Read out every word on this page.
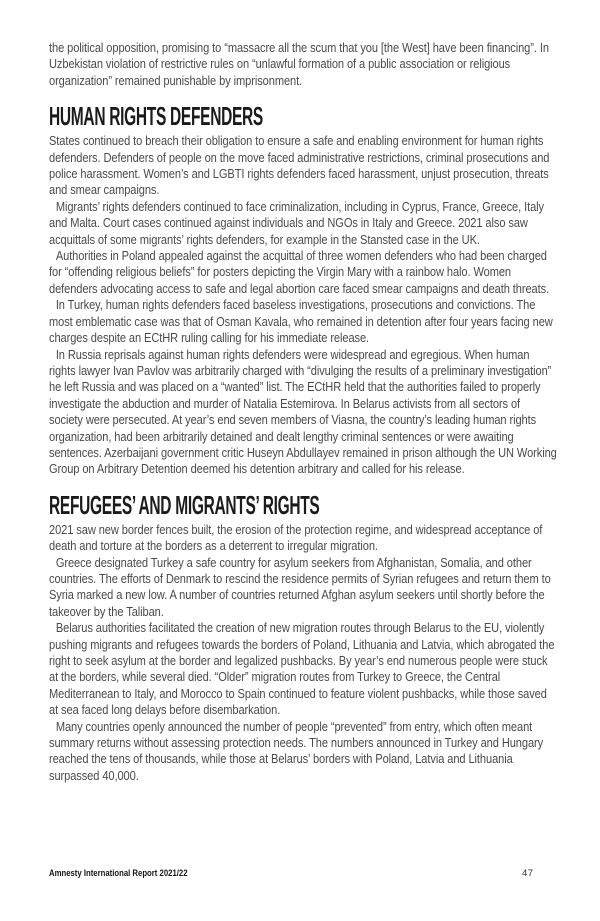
the political opposition, promising to “massacre all the scum that you [the West] have been financing”. In Uzbekistan violation of restrictive rules on “unlawful formation of a public association or religious organization” remained punishable by imprisonment.

HUMAN RIGHTS DEFENDERS

States continued to breach their obligation to ensure a safe and enabling environment for human rights defenders. Defenders of people on the move faced administrative restrictions, criminal prosecutions and police harassment. Women’s and LGBTI rights defenders faced harassment, unjust prosecution, threats and smear campaigns.

Migrants’ rights defenders continued to face criminalization, including in Cyprus, France, Greece, Italy and Malta. Court cases continued against individuals and NGOs in Italy and Greece. 2021 also saw acquittals of some migrants’ rights defenders, for example in the Stansted case in the UK.

Authorities in Poland appealed against the acquittal of three women defenders who had been charged for “offending religious beliefs” for posters depicting the Virgin Mary with a rainbow halo. Women defenders advocating access to safe and legal abortion care faced smear campaigns and death threats.

In Turkey, human rights defenders faced baseless investigations, prosecutions and convictions. The most emblematic case was that of Osman Kavala, who remained in detention after four years facing new charges despite an ECtHR ruling calling for his immediate release.

In Russia reprisals against human rights defenders were widespread and egregious. When human rights lawyer Ivan Pavlov was arbitrarily charged with “divulging the results of a preliminary investigation” he left Russia and was placed on a “wanted” list. The ECtHR held that the authorities failed to properly investigate the abduction and murder of Natalia Estemirova. In Belarus activists from all sectors of society were persecuted. At year’s end seven members of Viasna, the country’s leading human rights organization, had been arbitrarily detained and dealt lengthy criminal sentences or were awaiting sentences. Azerbaijani government critic Huseyn Abdullayev remained in prison although the UN Working Group on Arbitrary Detention deemed his detention arbitrary and called for his release.

REFUGEES’ AND MIGRANTS’ RIGHTS

2021 saw new border fences built, the erosion of the protection regime, and widespread acceptance of death and torture at the borders as a deterrent to irregular migration.

Greece designated Turkey a safe country for asylum seekers from Afghanistan, Somalia, and other countries. The efforts of Denmark to rescind the residence permits of Syrian refugees and return them to Syria marked a new low. A number of countries returned Afghan asylum seekers until shortly before the takeover by the Taliban.

Belarus authorities facilitated the creation of new migration routes through Belarus to the EU, violently pushing migrants and refugees towards the borders of Poland, Lithuania and Latvia, which abrogated the right to seek asylum at the border and legalized pushbacks. By year’s end numerous people were stuck at the borders, while several died. “Older” migration routes from Turkey to Greece, the Central Mediterranean to Italy, and Morocco to Spain continued to feature violent pushbacks, while those saved at sea faced long delays before disembarkation.

Many countries openly announced the number of people “prevented” from entry, which often meant summary returns without assessing protection needs. The numbers announced in Turkey and Hungary reached the tens of thousands, while those at Belarus’ borders with Poland, Latvia and Lithuania surpassed 40,000.

Amnesty International Report 2021/22	47
